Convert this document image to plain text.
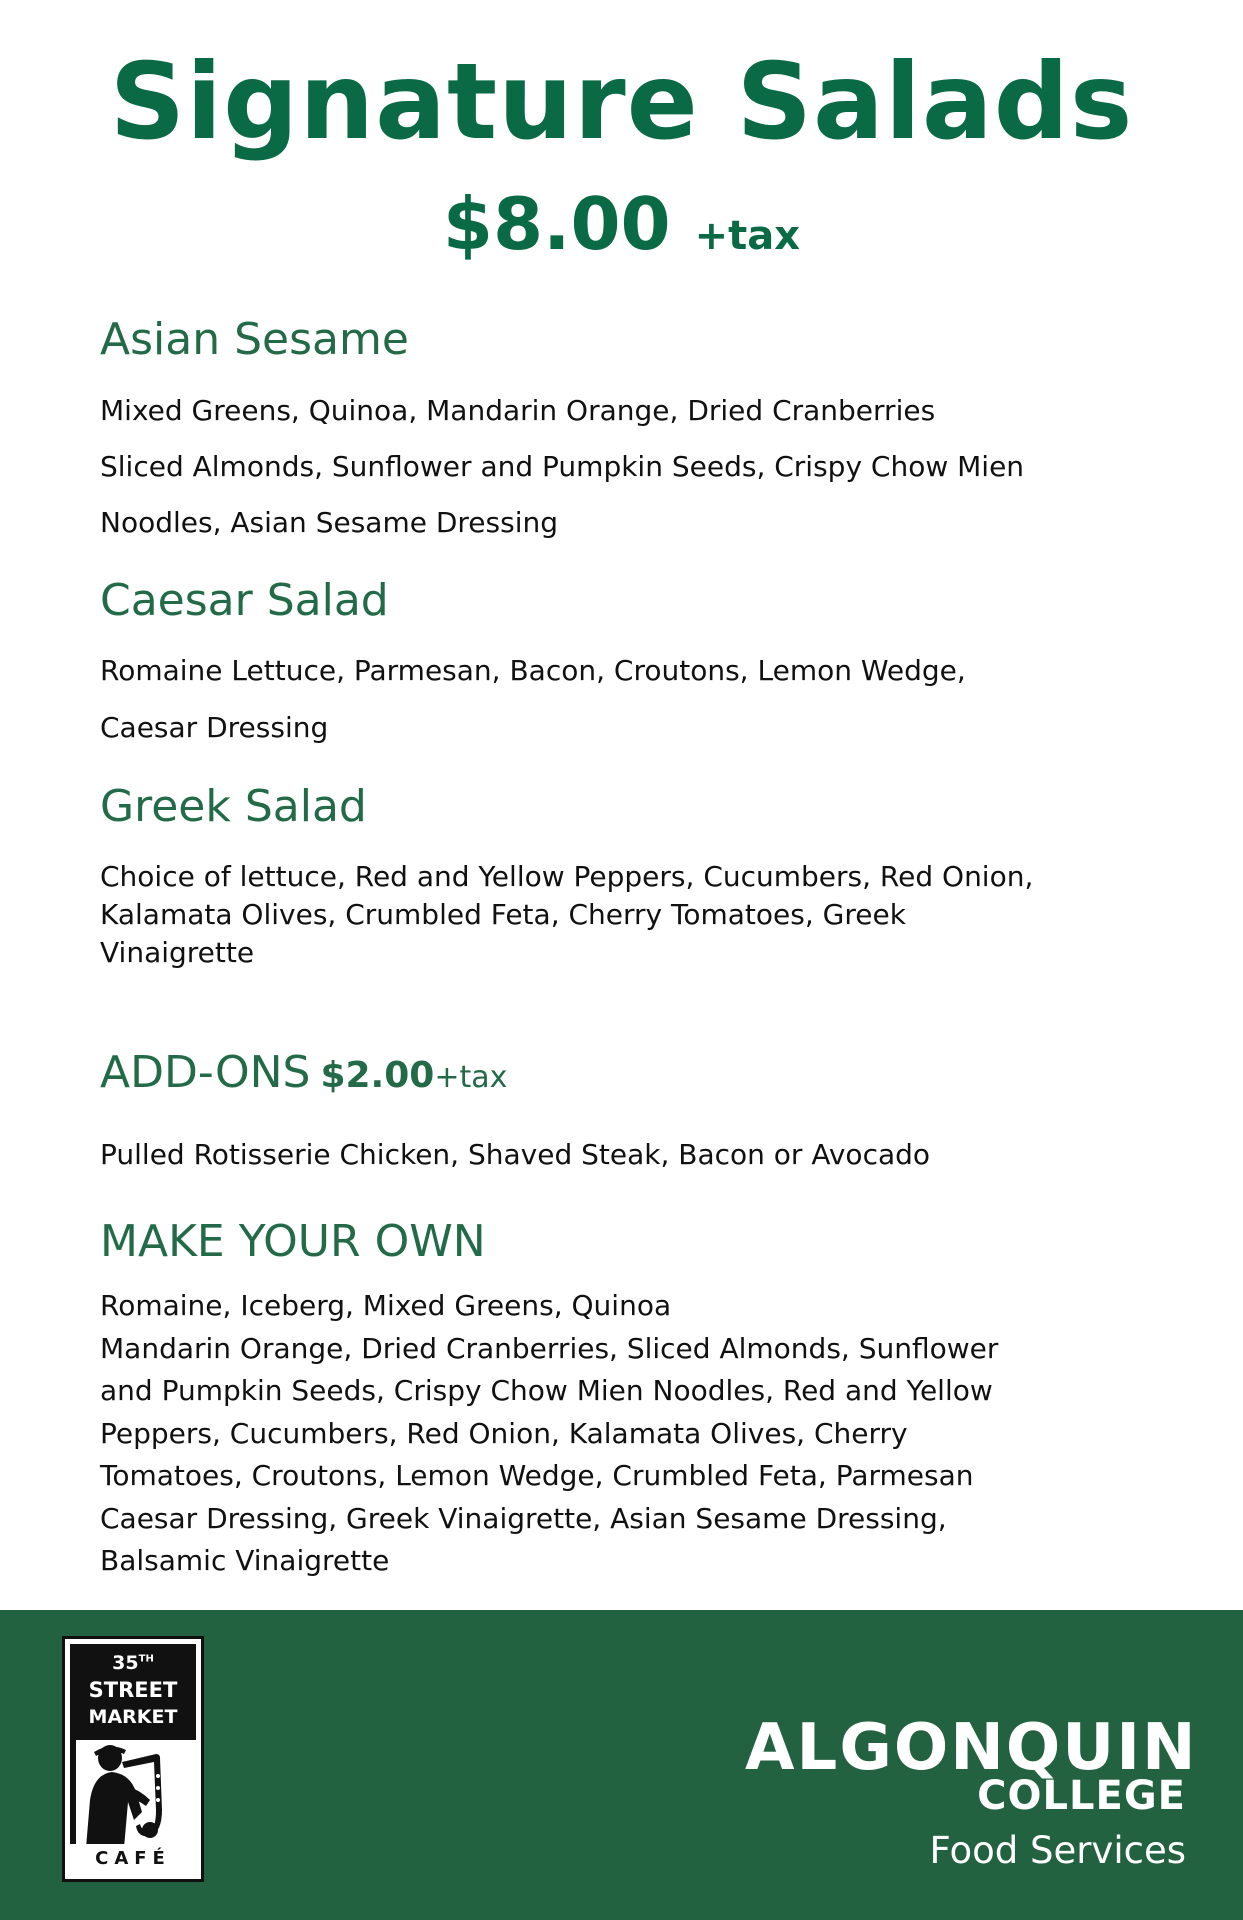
Signature Salads
$8.00 +tax
Asian Sesame
Mixed Greens, Quinoa, Mandarin Orange, Dried Cranberries
Sliced Almonds, Sunflower and Pumpkin Seeds, Crispy Chow Mien
Noodles, Asian Sesame Dressing
Caesar Salad
Romaine Lettuce, Parmesan, Bacon, Croutons, Lemon Wedge,
Caesar Dressing
Greek Salad
Choice of lettuce, Red and Yellow Peppers, Cucumbers, Red Onion,
Kalamata Olives, Crumbled Feta, Cherry Tomatoes, Greek
Vinaigrette
ADD-ONS $2.00+tax
Pulled Rotisserie Chicken, Shaved Steak, Bacon or Avocado
MAKE YOUR OWN
Romaine, Iceberg, Mixed Greens, Quinoa
Mandarin Orange, Dried Cranberries, Sliced Almonds, Sunflower
and Pumpkin Seeds, Crispy Chow Mien Noodles, Red and Yellow
Peppers, Cucumbers, Red Onion, Kalamata Olives, Cherry
Tomatoes, Croutons, Lemon Wedge, Crumbled Feta, Parmesan
Caesar Dressing, Greek Vinaigrette, Asian Sesame Dressing,
Balsamic Vinaigrette
35TH
STREET
MARKET
CAFÉ
ALGONQUIN
COLLEGE
Food Services
